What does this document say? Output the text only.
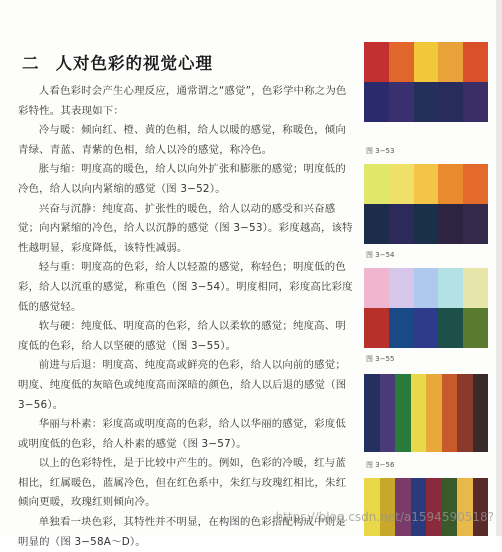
二 人对色彩的视觉心理

人看色彩时会产生心理反应，通常谓之“感觉”，色彩学中称之为色彩特性。其表现如下：

冷与暖：倾向红、橙、黄的色相，给人以暖的感觉，称暖色，倾向青绿、青蓝、青紫的色相，给人以冷的感觉，称冷色。

胀与缩：明度高的暖色，给人以向外扩张和膨胀的感觉；明度低的冷色，给人以向内紧缩的感觉（图 3−52）。

兴奋与沉静：纯度高、扩张性的暖色，给人以动的感受和兴奋感觉；向内紧缩的冷色，给人以沉静的感觉（图 3−53）。彩度越高，该特性越明显，彩度降低，该特性减弱。

轻与重：明度高的色彩，给人以轻盈的感觉，称轻色；明度低的色彩，给人以沉重的感觉，称重色（图 3−54）。明度相同，彩度高比彩度低的感觉轻。

软与硬：纯度低、明度高的色彩，给人以柔软的感觉；纯度高、明度低的色彩，给人以坚硬的感觉（图 3−55）。

前进与后退：明度高、纯度高或鲜亮的色彩，给人以向前的感觉；明度、纯度低的灰暗色或纯度高而深暗的颜色，给人以后退的感觉（图 3−56）。

华丽与朴素：彩度高或明度高的色彩，给人以华丽的感觉，彩度低或明度低的色彩，给人朴素的感觉（图 3−57）。

以上的色彩特性，是于比较中产生的。例如，色彩的冷暖，红与蓝相比，红属暖色，蓝属冷色，但在红色系中，朱红与玫瑰红相比，朱红倾向更暖，玫瑰红则倾向冷。

单独看一块色彩，其特性并不明显，在构图的色彩搭配构成中则是明显的（图 3−58A～D）。

图 3−53
图 3−54
图 3−55
图 3−56
https://blog.csdn.net/a1594590518?
